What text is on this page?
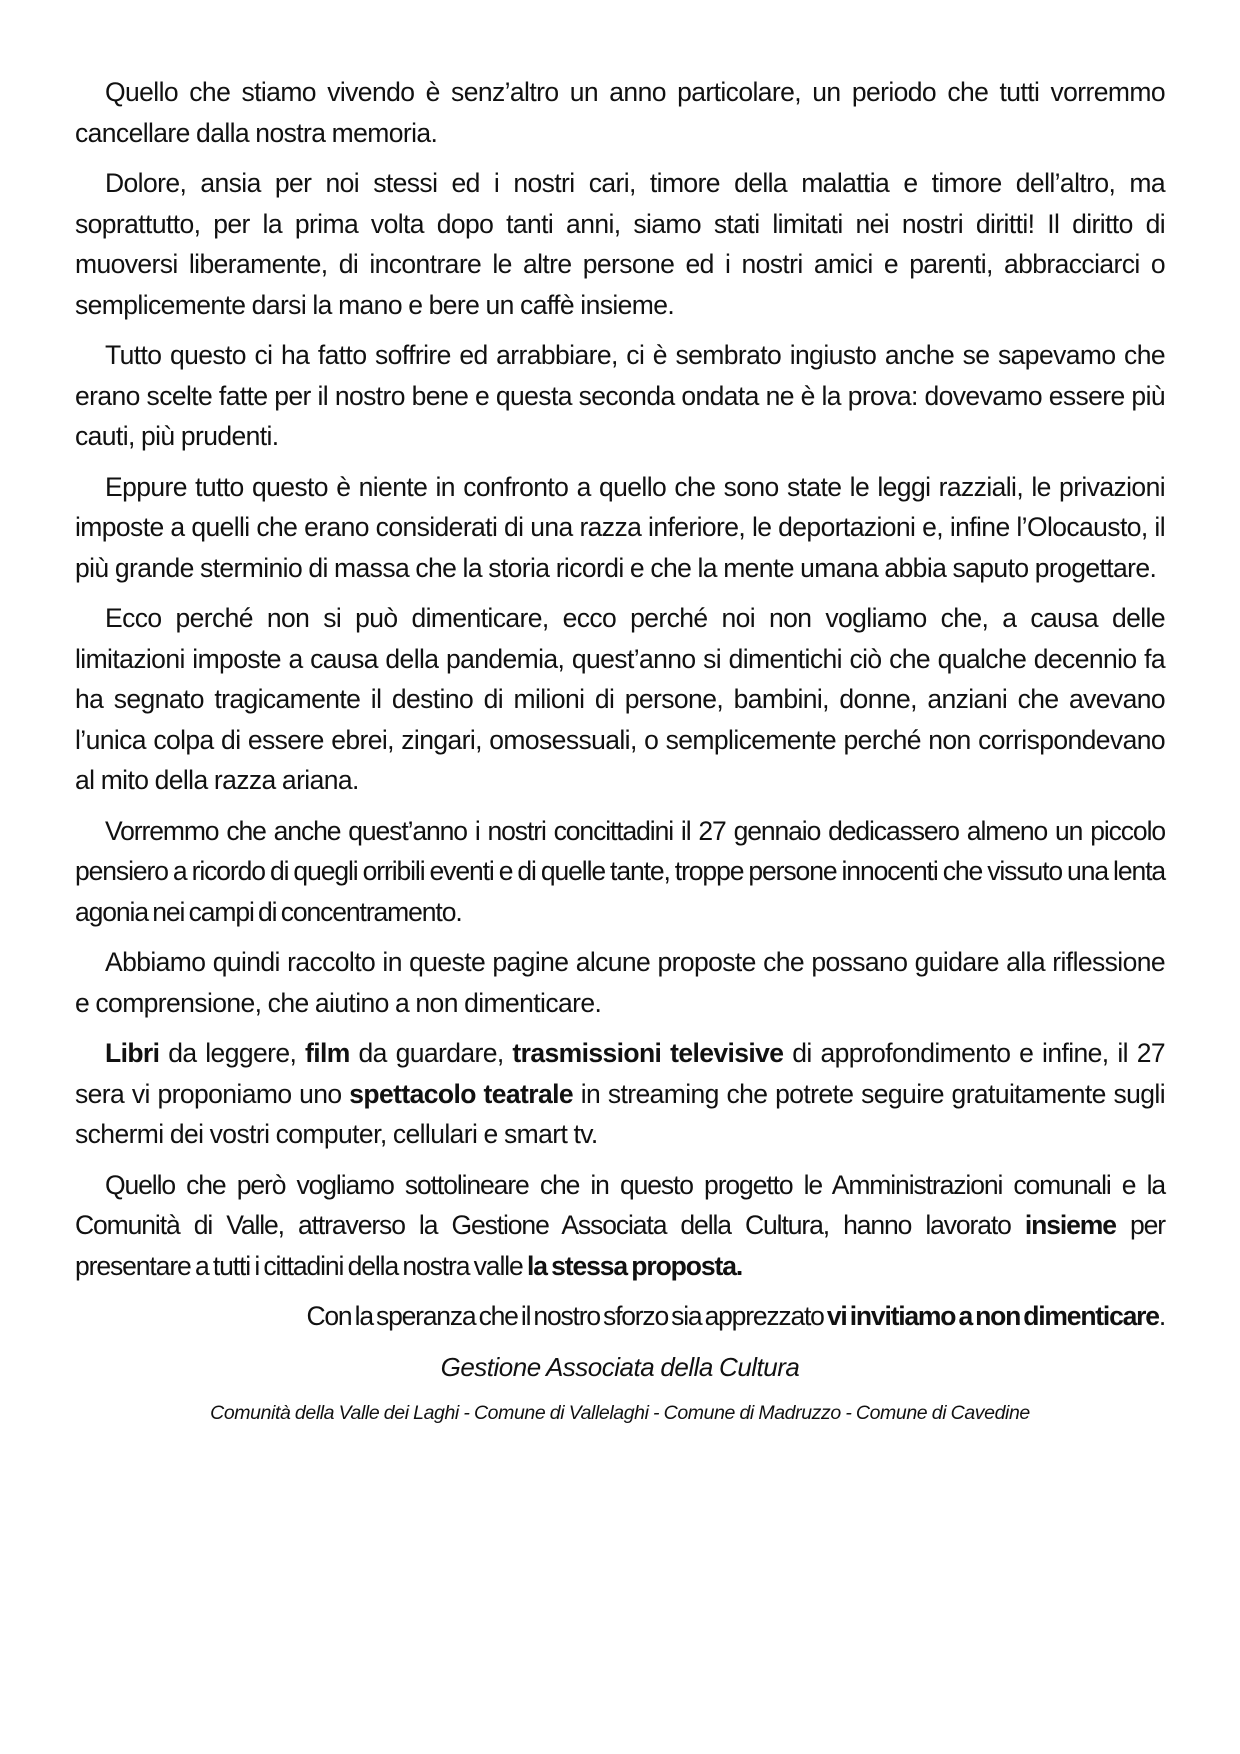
Quello che stiamo vivendo è senz’altro un anno particolare, un periodo che tutti vorremmo cancellare dalla nostra memoria.

Dolore, ansia per noi stessi ed i nostri cari, timore della malattia e timore dell’altro, ma soprattutto, per la prima volta dopo tanti anni, siamo stati limitati nei nostri diritti! Il diritto di muoversi liberamente, di incontrare le altre persone ed i nostri amici e parenti, abbracciarci o semplicemente darsi la mano e bere un caffè insieme.

Tutto questo ci ha fatto soffrire ed arrabbiare, ci è sembrato ingiusto anche se sapevamo che erano scelte fatte per il nostro bene e questa seconda ondata ne è la prova: dovevamo essere più cauti, più prudenti.

Eppure tutto questo è niente in confronto a quello che sono state le leggi razziali, le privazioni imposte a quelli che erano considerati di una razza inferiore, le deportazioni e, infine l’Olocausto, il più grande sterminio di massa che la storia ricordi e che la mente umana abbia saputo progettare.

Ecco perché non si può dimenticare, ecco perché noi non vogliamo che, a causa delle limitazioni imposte a causa della pandemia, quest’anno si dimentichi ciò che qualche decennio fa ha segnato tragicamente il destino di milioni di persone, bambini, donne, anziani che avevano l’unica colpa di essere ebrei, zingari, omosessuali, o semplicemente perché non corrispondevano al mito della razza ariana.

Vorremmo che anche quest’anno i nostri concittadini il 27 gennaio dedicassero almeno un piccolo pensiero a ricordo di quegli orribili eventi e di quelle tante, troppe persone innocenti che vissuto una lenta agonia nei campi di concentramento.

Abbiamo quindi raccolto in queste pagine alcune proposte che possano guidare alla riflessione e comprensione, che aiutino a non dimenticare.

Libri da leggere, film da guardare, trasmissioni televisive di approfondimento e infine, il 27 sera vi proponiamo uno spettacolo teatrale in streaming che potrete seguire gratuitamente sugli schermi dei vostri computer, cellulari e smart tv.

Quello che però vogliamo sottolineare che in questo progetto le Amministrazioni comunali e la Comunità di Valle, attraverso la Gestione Associata della Cultura, hanno lavorato insieme per presentare a tutti i cittadini della nostra valle la stessa proposta.

Con la speranza che il nostro sforzo sia apprezzato vi invitiamo a non dimenticare.

Gestione Associata della Cultura
Comunità della Valle dei Laghi - Comune di Vallelaghi - Comune di Madruzzo - Comune di Cavedine
